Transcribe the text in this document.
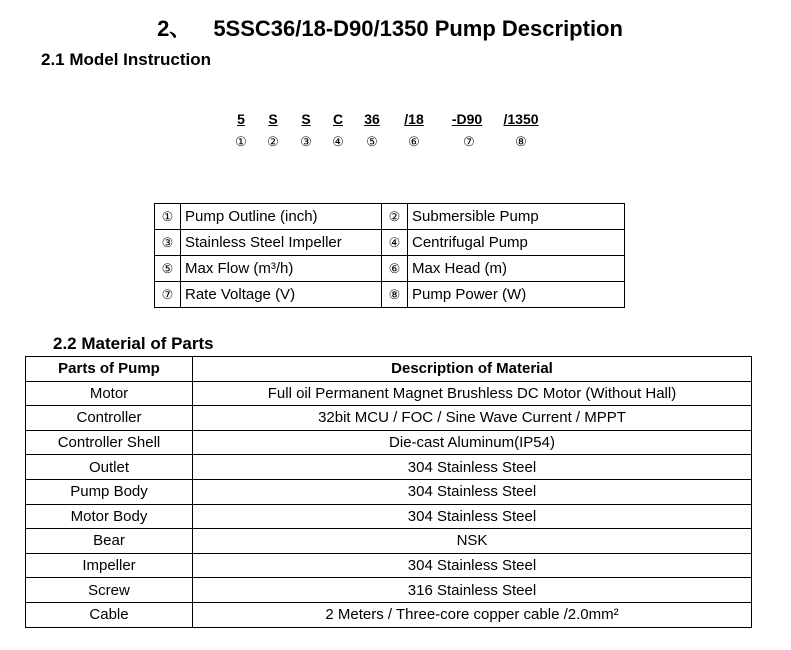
2、 5SSC36/18-D90/1350 Pump Description
2.1 Model Instruction
5 S S C 36 /18 -D90 /1350
① ② ③ ④ ⑤ ⑥	⑦	⑧
①	Pump Outline (inch)	②	Submersible Pump
③	Stainless Steel Impeller	④	Centrifugal Pump
⑤	Max Flow (m³/h)	⑥	Max Head (m)
⑦	Rate Voltage (V)	⑧	Pump Power (W)
2.2 Material of Parts
Parts of Pump	Description of Material
Motor	Full oil Permanent Magnet Brushless DC Motor (Without Hall)
Controller	32bit MCU / FOC / Sine Wave Current / MPPT
Controller Shell	Die-cast Aluminum(IP54)
Outlet	304 Stainless Steel
Pump Body	304 Stainless Steel
Motor Body	304 Stainless Steel
Bear	NSK
Impeller	304 Stainless Steel
Screw	316 Stainless Steel
Cable	2 Meters / Three-core copper cable /2.0mm²
